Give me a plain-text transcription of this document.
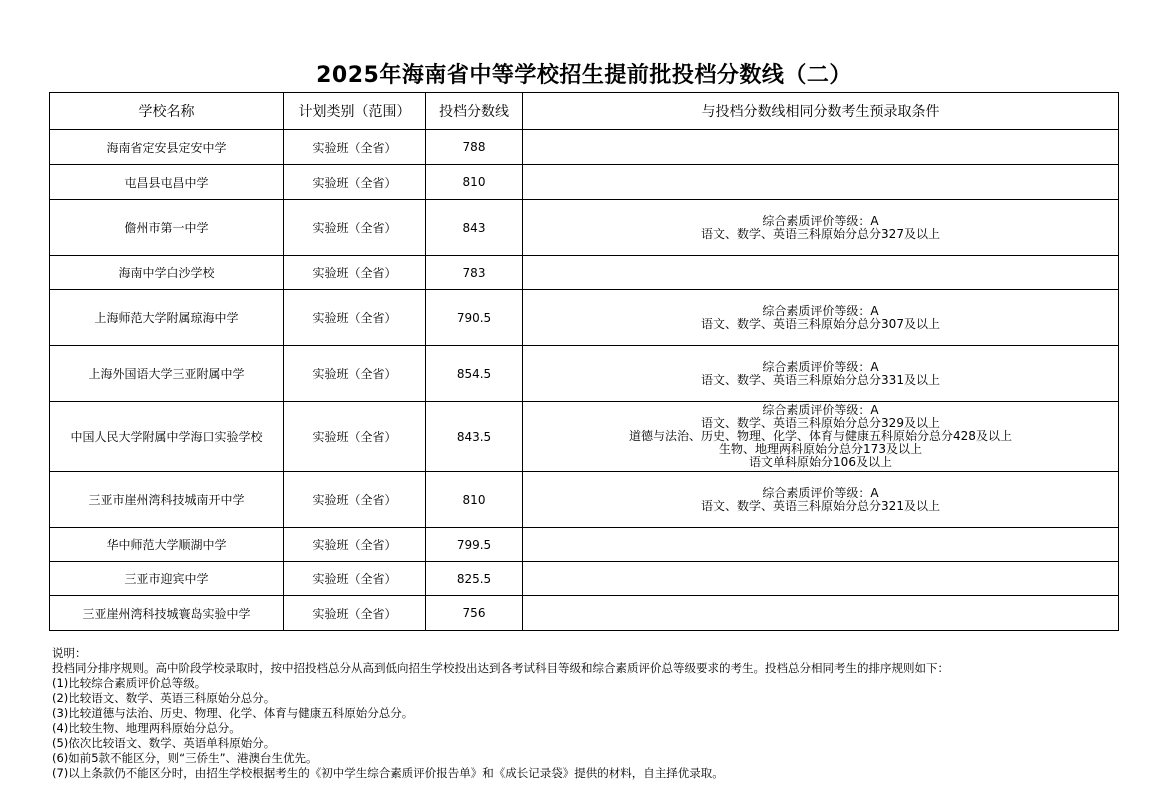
2025年海南省中等学校招生提前批投档分数线（二）
学校名称	计划类别（范围）	投档分数线	与投档分数线相同分数考生预录取条件
海南省定安县定安中学	实验班（全省）	788	
屯昌县屯昌中学	实验班（全省）	810	
儋州市第一中学	实验班（全省）	843	综合素质评价等级：A
语文、数学、英语三科原始分总分327及以上

海南中学白沙学校	实验班（全省）	783	
上海师范大学附属琼海中学	实验班（全省）	790.5	综合素质评价等级：A
语文、数学、英语三科原始分总分307及以上

上海外国语大学三亚附属中学	实验班（全省）	854.5	综合素质评价等级：A
语文、数学、英语三科原始分总分331及以上

中国人民大学附属中学海口实验学校	实验班（全省）	843.5	综合素质评价等级：A
语文、数学、英语三科原始分总分329及以上
道德与法治、历史、物理、化学、体育与健康五科原始分总分428及以上
生物、地理两科原始分总分173及以上
语文单科原始分106及以上

三亚市崖州湾科技城南开中学	实验班（全省）	810	综合素质评价等级：A
语文、数学、英语三科原始分总分321及以上

华中师范大学顺湖中学	实验班（全省）	799.5	
三亚市迎宾中学	实验班（全省）	825.5	
三亚崖州湾科技城寰岛实验中学	实验班（全省）	756	
说明：
投档同分排序规则。高中阶段学校录取时，按中招投档总分从高到低向招生学校投出达到各考试科目等级和综合素质评价总等级要求的考生。投档总分相同考生的排序规则如下：
(1)比较综合素质评价总等级。
(2)比较语文、数学、英语三科原始分总分。
(3)比较道德与法治、历史、物理、化学、体育与健康五科原始分总分。
(4)比较生物、地理两科原始分总分。
(5)依次比较语文、数学、英语单科原始分。
(6)如前5款不能区分，则“三侨生”、港澳台生优先。
(7)以上条款仍不能区分时，由招生学校根据考生的《初中学生综合素质评价报告单》和《成长记录袋》提供的材料，自主择优录取。
